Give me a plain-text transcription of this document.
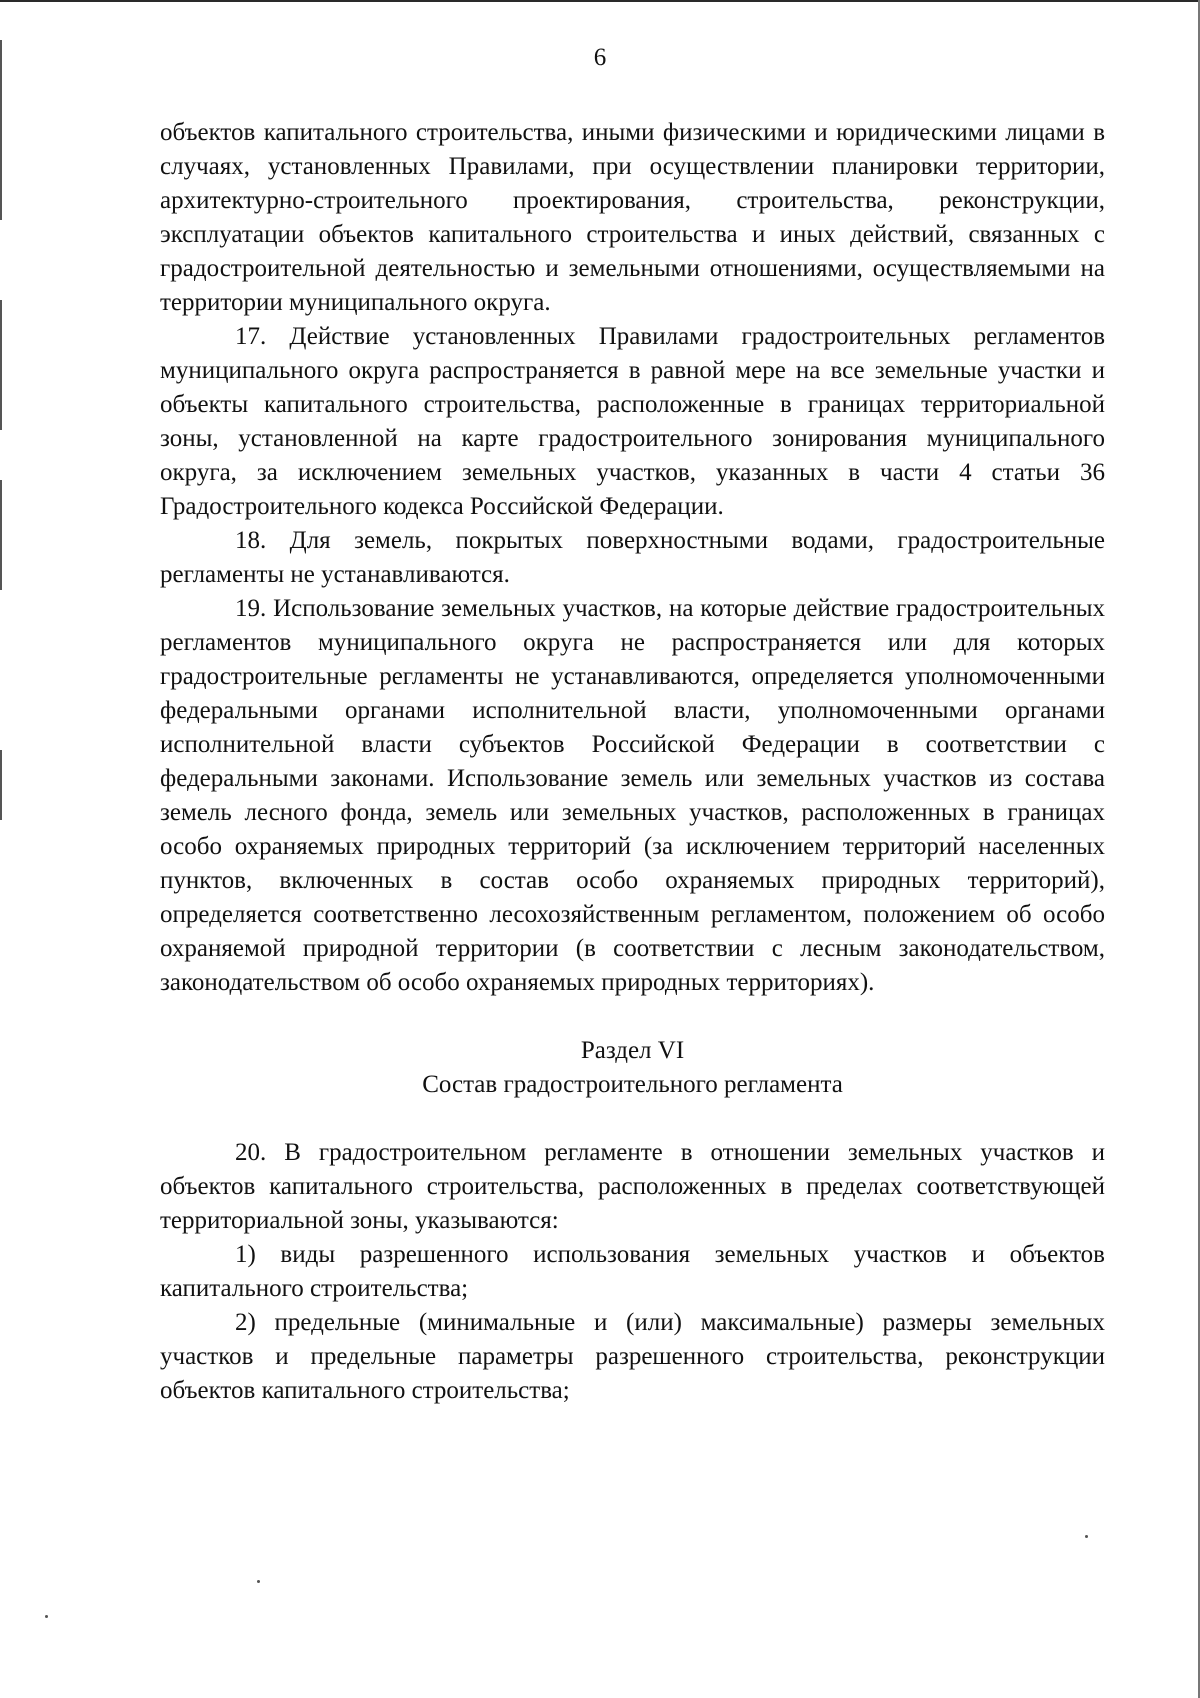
6

объектов капитального строительства, иными физическими и юридическими лицами в случаях, установленных Правилами, при осуществлении планировки территории, архитектурно-строительного проектирования, строительства, реконструкции, эксплуатации объектов капитального строительства и иных действий, связанных с градостроительной деятельностью и земельными отношениями, осуществляемыми на территории муниципального округа.

17. Действие установленных Правилами градостроительных регламентов муниципального округа распространяется в равной мере на все земельные участки и объекты капитального строительства, расположенные в границах территориальной зоны, установленной на карте градостроительного зонирования муниципального округа, за исключением земельных участков, указанных в части 4 статьи 36 Градостроительного кодекса Российской Федерации.

18. Для земель, покрытых поверхностными водами, градостроительные регламенты не устанавливаются.

19. Использование земельных участков, на которые действие градостроительных регламентов муниципального округа не распространяется или для которых градостроительные регламенты не устанавливаются, определяется уполномоченными федеральными органами исполнительной власти, уполномоченными органами исполнительной власти субъектов Российской Федерации в соответствии с федеральными законами. Использование земель или земельных участков из состава земель лесного фонда, земель или земельных участков, расположенных в границах особо охраняемых природных территорий (за исключением территорий населенных пунктов, включенных в состав особо охраняемых природных территорий), определяется соответственно лесохозяйственным регламентом, положением об особо охраняемой природной территории (в соответствии с лесным законодательством, законодательством об особо охраняемых природных территориях).

Раздел VI

Состав градостроительного регламента

20. В градостроительном регламенте в отношении земельных участков и объектов капитального строительства, расположенных в пределах соответствующей территориальной зоны, указываются:

1) виды разрешенного использования земельных участков и объектов капитального строительства;

2) предельные (минимальные и (или) максимальные) размеры земельных участков и предельные параметры разрешенного строительства, реконструкции объектов капитального строительства;
